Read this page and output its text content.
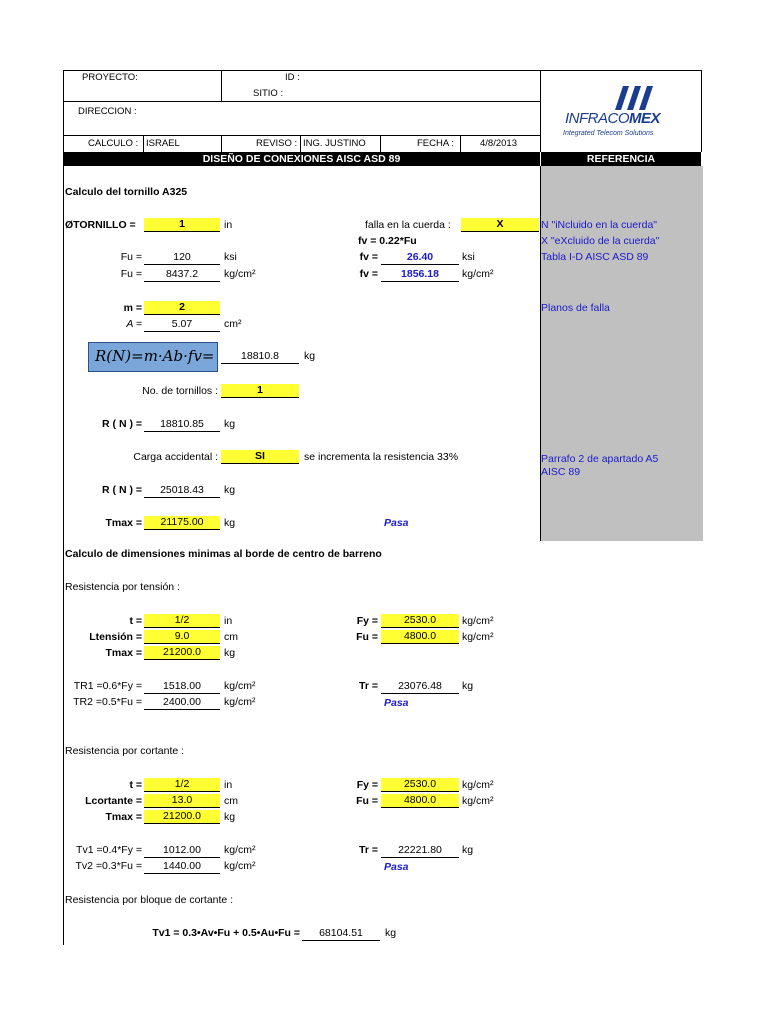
PROYECTO:	ID :
SITIO :
DIRECCION :
CALCULO : ISRAEL	REVISO : ING. JUSTINO	FECHA :	4/8/2013
INFRACOMEX
Integrated Telecom Solutions
DISEÑO DE CONEXIONES AISC ASD 89	REFERENCIA
Calculo del tornillo A325
ØTORNILLO =	1	in	falla en la cuerda :	X
fv = 0.22*Fu
Fu =	120	ksi	fv =	26.40	ksi
Fu =	8437.2	kg/cm²	fv =	1856.18	kg/cm²
m =	2
A =	5.07	cm²
R(N)=m·Ab·fv=	18810.8	kg
No. de tornillos :	1
R ( N ) =	18810.85	kg
Carga accidental :	SI	se incrementa la resistencia 33%
R ( N ) =	25018.43	kg
Tmax =	21175.00	kg	Pasa
N "iNcluido en la cuerda"
X "eXcluido de la cuerda"
Tabla I-D AISC ASD 89
Planos de falla
Parrafo 2 de apartado A5
AISC 89
Calculo de dimensiones minimas al borde de centro de barreno
Resistencia por tensión :
t =	1/2	in	Fy =	2530.0	kg/cm²
Ltensión =	9.0	cm	Fu =	4800.0	kg/cm²
Tmax =	21200.0	kg
TR1 =0.6*Fy =	1518.00	kg/cm²	Tr =	23076.48	kg
TR2 =0.5*Fu =	2400.00	kg/cm²	Pasa
Resistencia por cortante :
t =	1/2	in	Fy =	2530.0	kg/cm²
Lcortante =	13.0	cm	Fu =	4800.0	kg/cm²
Tmax =	21200.0	kg
Tv1 =0.4*Fy =	1012.00	kg/cm²	Tr =	22221.80	kg
Tv2 =0.3*Fu =	1440.00	kg/cm²	Pasa
Resistencia por bloque de cortante :
Tv1 = 0.3•Av•Fu + 0.5•Au•Fu =	68104.51	kg
